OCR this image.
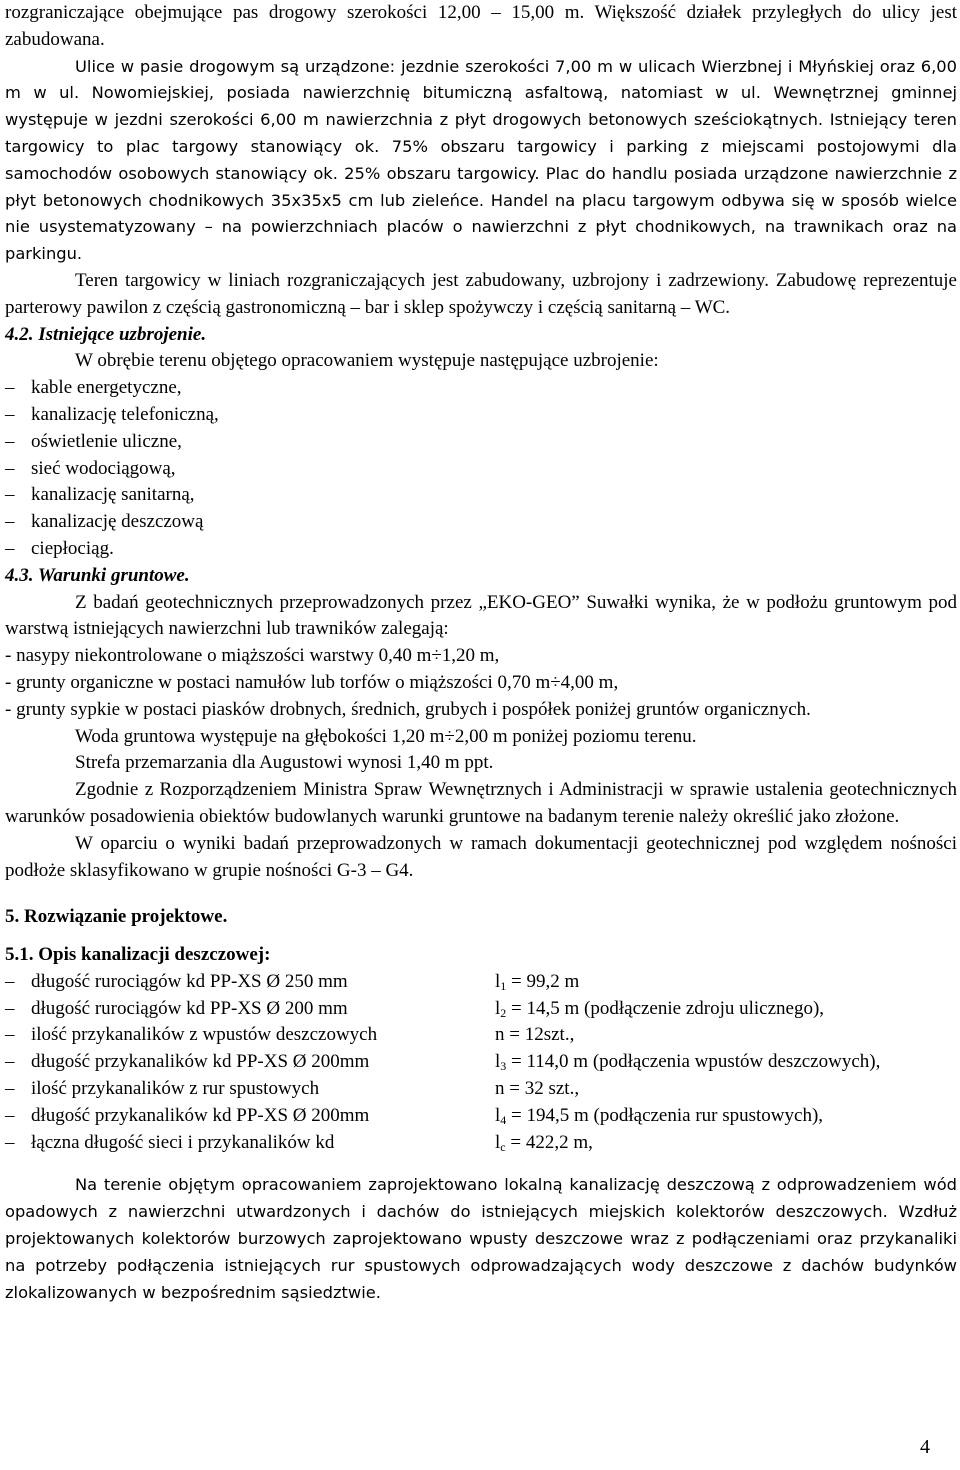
rozgraniczające obejmujące pas drogowy szerokości 12,00 – 15,00 m. Większość działek przyległych do ulicy jest zabudowana.

Ulice w pasie drogowym są urządzone: jezdnie szerokości 7,00 m w ulicach Wierzbnej i Młyńskiej oraz 6,00 m w ul. Nowomiejskiej, posiada nawierzchnię bitumiczną asfaltową, natomiast w ul. Wewnętrznej gminnej występuje w jezdni szerokości 6,00 m nawierzchnia z płyt drogowych betonowych sześciokątnych. Istniejący teren targowicy to plac targowy stanowiący ok. 75% obszaru targowicy i parking z miejscami postojowymi dla samochodów osobowych stanowiący ok. 25% obszaru targowicy. Plac do handlu posiada urządzone nawierzchnie z płyt betonowych chodnikowych 35x35x5 cm lub zieleńce. Handel na placu targowym odbywa się w sposób wielce nie usystematyzowany – na powierzchniach placów o nawierzchni z płyt chodnikowych, na trawnikach oraz na parkingu.

Teren targowicy w liniach rozgraniczających jest zabudowany, uzbrojony i zadrzewiony. Zabudowę reprezentuje parterowy pawilon z częścią gastronomiczną – bar i sklep spożywczy i częścią sanitarną – WC.

4.2. Istniejące uzbrojenie.

W obrębie terenu objętego opracowaniem występuje następujące uzbrojenie:

– kable energetyczne,
– kanalizację telefoniczną,
– oświetlenie uliczne,
– sieć wodociągową,
– kanalizację sanitarną,
– kanalizację deszczową
– ciepłociąg.

4.3. Warunki gruntowe.

Z badań geotechnicznych przeprowadzonych przez „EKO-GEO” Suwałki wynika, że w podłożu gruntowym pod warstwą istniejących nawierzchni lub trawników zalegają:

- nasypy niekontrolowane o miąższości warstwy 0,40 m÷1,20 m,

- grunty organiczne w postaci namułów lub torfów o miąższości 0,70 m÷4,00 m,

- grunty sypkie w postaci piasków drobnych, średnich, grubych i pospółek poniżej gruntów organicznych.

Woda gruntowa występuje na głębokości 1,20 m÷2,00 m poniżej poziomu terenu.

Strefa przemarzania dla Augustowi wynosi 1,40 m ppt.

Zgodnie z Rozporządzeniem Ministra Spraw Wewnętrznych i Administracji w sprawie ustalenia geotechnicznych warunków posadowienia obiektów budowlanych warunki gruntowe na badanym terenie należy określić jako złożone.

W oparciu o wyniki badań przeprowadzonych w ramach dokumentacji geotechnicznej pod względem nośności podłoże sklasyfikowano w grupie nośności G-3 – G4.

5. Rozwiązanie projektowe.

5.1. Opis kanalizacji deszczowej:

– długość rurociągów kd PP-XS Ø 250 mm	$l_1 = 99,2$ m
– długość rurociągów kd PP-XS Ø 200 mm	$l_2 = 14,5$ m (podłączenie zdroju ulicznego),
– ilość przykanalików z wpustów deszczowych	n = 12szt.,
– długość przykanalików kd PP-XS Ø 200mm	$l_3 = 114,0$ m (podłączenia wpustów deszczowych),
– ilość przykanalików z rur spustowych	n = 32 szt.,
– długość przykanalików kd PP-XS Ø 200mm	$l_4 = 194,5$ m (podłączenia rur spustowych),
– łączna długość sieci i przykanalików kd	$l_c = 422,2$ m,

Na terenie objętym opracowaniem zaprojektowano lokalną kanalizację deszczową z odprowadzeniem wód opadowych z nawierzchni utwardzonych i dachów do istniejących miejskich kolektorów deszczowych. Wzdłuż projektowanych kolektorów burzowych zaprojektowano wpusty deszczowe wraz z podłączeniami oraz przykanaliki na potrzeby podłączenia istniejących rur spustowych odprowadzających wody deszczowe z dachów budynków zlokalizowanych w bezpośrednim sąsiedztwie.

4
